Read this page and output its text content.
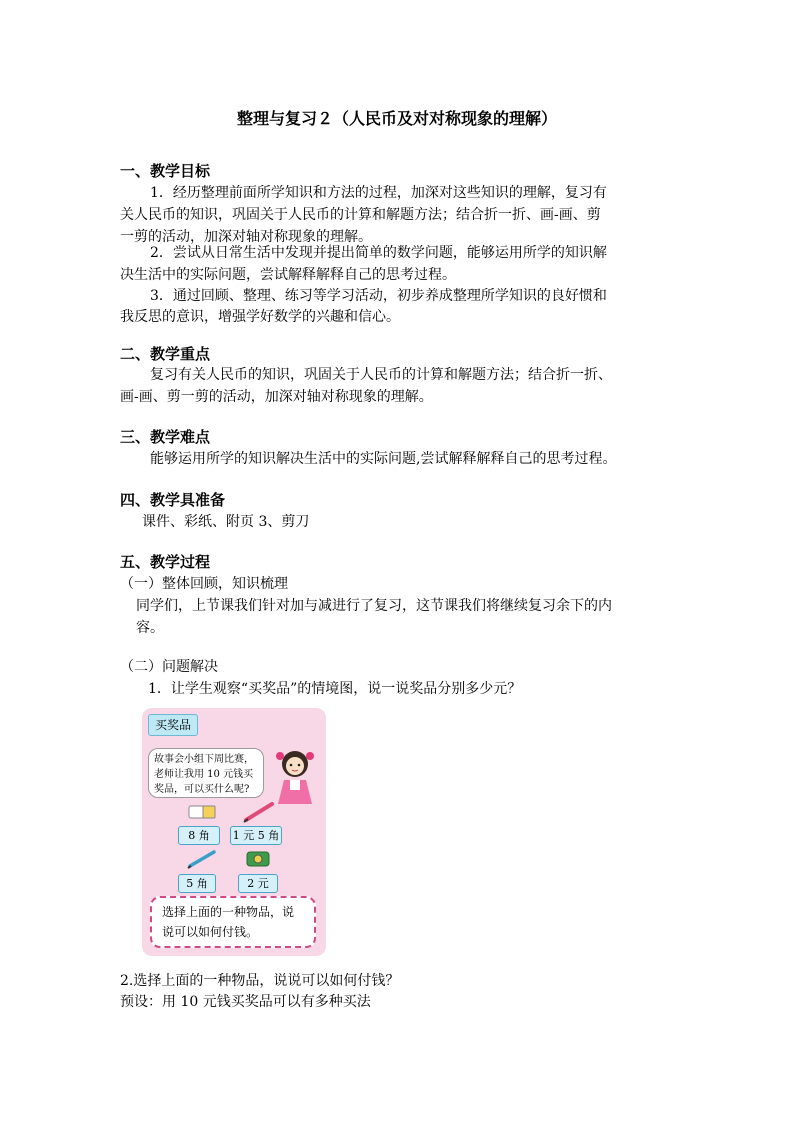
整理与复习２（人民币及对对称现象的理解）
一、教学目标
1．经历整理前面所学知识和方法的过程，加深对这些知识的理解，复习有
关人民币的知识，巩固关于人民币的计算和解题方法；结合折一折、画-画、剪
一剪的活动，加深对轴对称现象的理解。
2．尝试从日常生活中发现并提出简单的数学问题，能够运用所学的知识解
决生活中的实际问题，尝试解释解释自己的思考过程。
3．通过回顾、整理、练习等学习活动，初步养成整理所学知识的良好惯和
我反思的意识，增强学好数学的兴趣和信心。
二、教学重点
复习有关人民币的知识，巩固关于人民币的计算和解题方法；结合折一折、
画-画、剪一剪的活动，加深对轴对称现象的理解。
三、教学难点
能够运用所学的知识解决生活中的实际问题,尝试解释解释自己的思考过程。
四、教学具准备
课件、彩纸、附页 3、剪刀
五、教学过程
（一）整体回顾，知识梳理
同学们，上节课我们针对加与减进行了复习，这节课我们将继续复习余下的内
容。
（二）问题解决
1．让学生观察“买奖品”的情境图，说一说奖品分别多少元？
买奖品
故事会小组下周比赛，老师让我用 10 元钱买奖品，可以买什么呢?
8 角	1 元 5 角
5 角	2 元
选择上面的一种物品，说说可以如何付钱。
2.选择上面的一种物品，说说可以如何付钱？
预设：用 10 元钱买奖品可以有多种买法
